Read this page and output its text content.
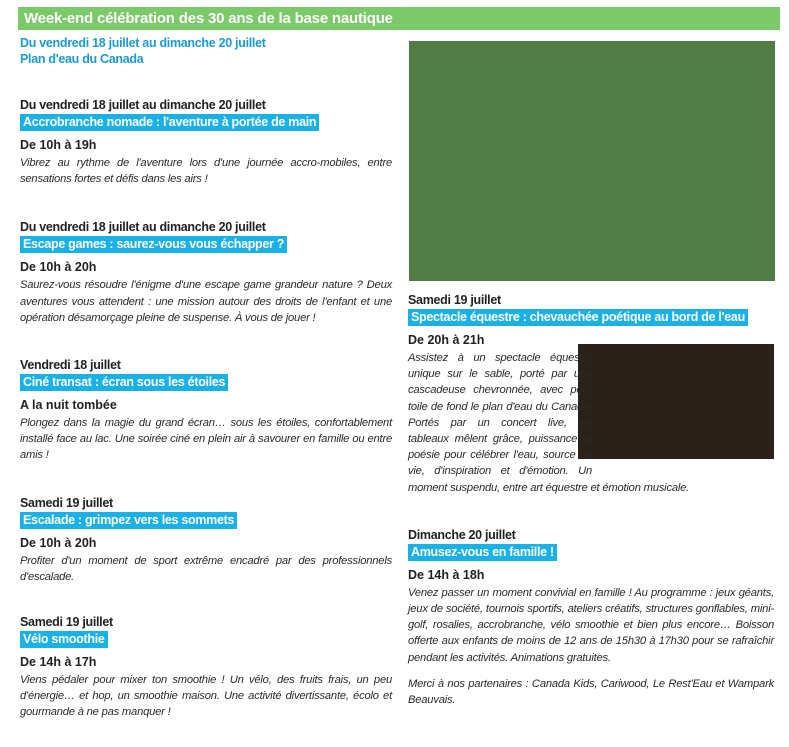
Week-end célébration des 30 ans de la base nautique
Du vendredi 18 juillet au dimanche 20 juillet
Plan d'eau du Canada
Du vendredi 18 juillet au dimanche 20 juillet
Accrobranche nomade : l'aventure à portée de main
De 10h à 19h
Vibrez au rythme de l'aventure lors d'une journée accro-mobiles, entre sensations fortes et défis dans les airs !
Du vendredi 18 juillet au dimanche 20 juillet
Escape games : saurez-vous vous échapper ?
De 10h à 20h
Saurez-vous résoudre l'énigme d'une escape game grandeur nature ? Deux aventures vous attendent : une mission autour des droits de l'enfant et une opération désamorçage pleine de suspense. À vous de jouer !
Vendredi 18 juillet
Ciné transat : écran sous les étoiles
A la nuit tombée
Plongez dans la magie du grand écran… sous les étoiles, confortablement installé face au lac. Une soirée ciné en plein air à savourer en famille ou entre amis !
Samedi 19 juillet
Escalade : grimpez vers les sommets
De 10h à 20h
Profiter d'un moment de sport extrême encadré par des professionnels d'escalade.
Samedi 19 juillet
Vélo smoothie
De 14h à 17h
Viens pédaler pour mixer ton smoothie ! Un vélo, des fruits frais, un peu d'énergie… et hop, un smoothie maison. Une activité divertissante, écolo et gourmande à ne pas manquer !
Samedi 19 juillet
Spectacle équestre : chevauchée poétique au bord de l'eau
De 20h à 21h
Assistez à un spectacle équestre unique sur le sable, porté par une cascadeuse chevronnée, avec pour toile de fond le plan d'eau du Canada. Portés par un concert live, les tableaux mêlent grâce, puissance et poésie pour célébrer l'eau, source de vie, d'inspiration et d'émotion. Un moment suspendu, entre art équestre et émotion musicale.
Dimanche 20 juillet
Amusez-vous en famille !
De 14h à 18h
Venez passer un moment convivial en famille ! Au programme : jeux géants, jeux de société, tournois sportifs, ateliers créatifs, structures gonflables, mini-golf, rosalies, accrobranche, vélo smoothie et bien plus encore… Boisson offerte aux enfants de moins de 12 ans de 15h30 à 17h30 pour se rafraîchir pendant les activités. Animations gratuites.
Merci à nos partenaires : Canada Kids, Cariwood, Le Rest'Eau et Wampark Beauvais.
